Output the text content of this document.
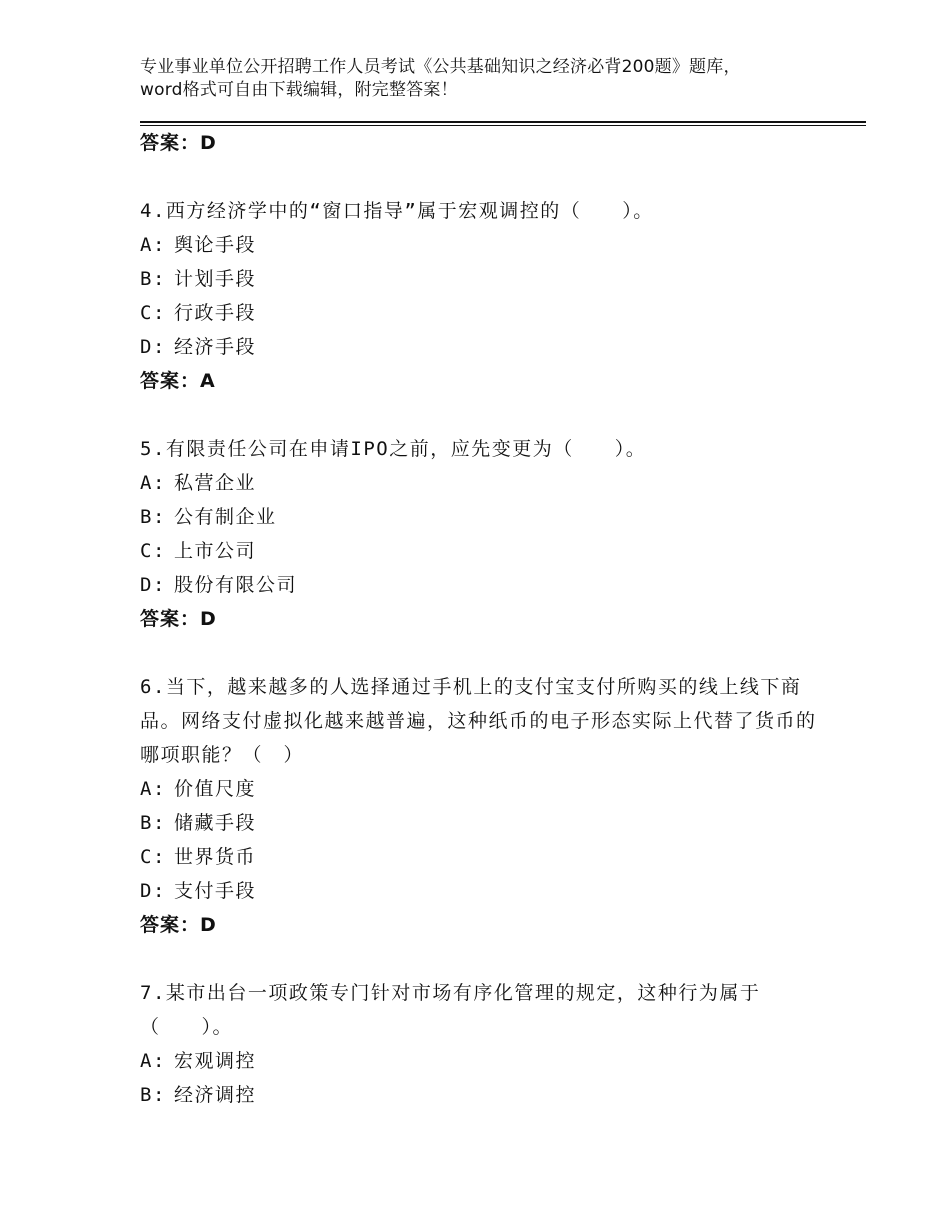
专业事业单位公开招聘工作人员考试《公共基础知识之经济必背200题》题库，word格式可自由下载编辑，附完整答案！
答案：D

4.西方经济学中的“窗口指导”属于宏观调控的（　　）。

A: 舆论手段
B: 计划手段
C: 行政手段
D: 经济手段
答案：A

5.有限责任公司在申请IPO之前，应先变更为（　　）。

A: 私营企业
B: 公有制企业
C: 上市公司
D: 股份有限公司
答案：D

6.当下，越来越多的人选择通过手机上的支付宝支付所购买的线上线下商品。网络支付虚拟化越来越普遍，这种纸币的电子形态实际上代替了货币的哪项职能？（　）

A: 价值尺度
B: 储藏手段
C: 世界货币
D: 支付手段
答案：D

7.某市出台一项政策专门针对市场有序化管理的规定，这种行为属于（　　）。

A: 宏观调控
B: 经济调控
